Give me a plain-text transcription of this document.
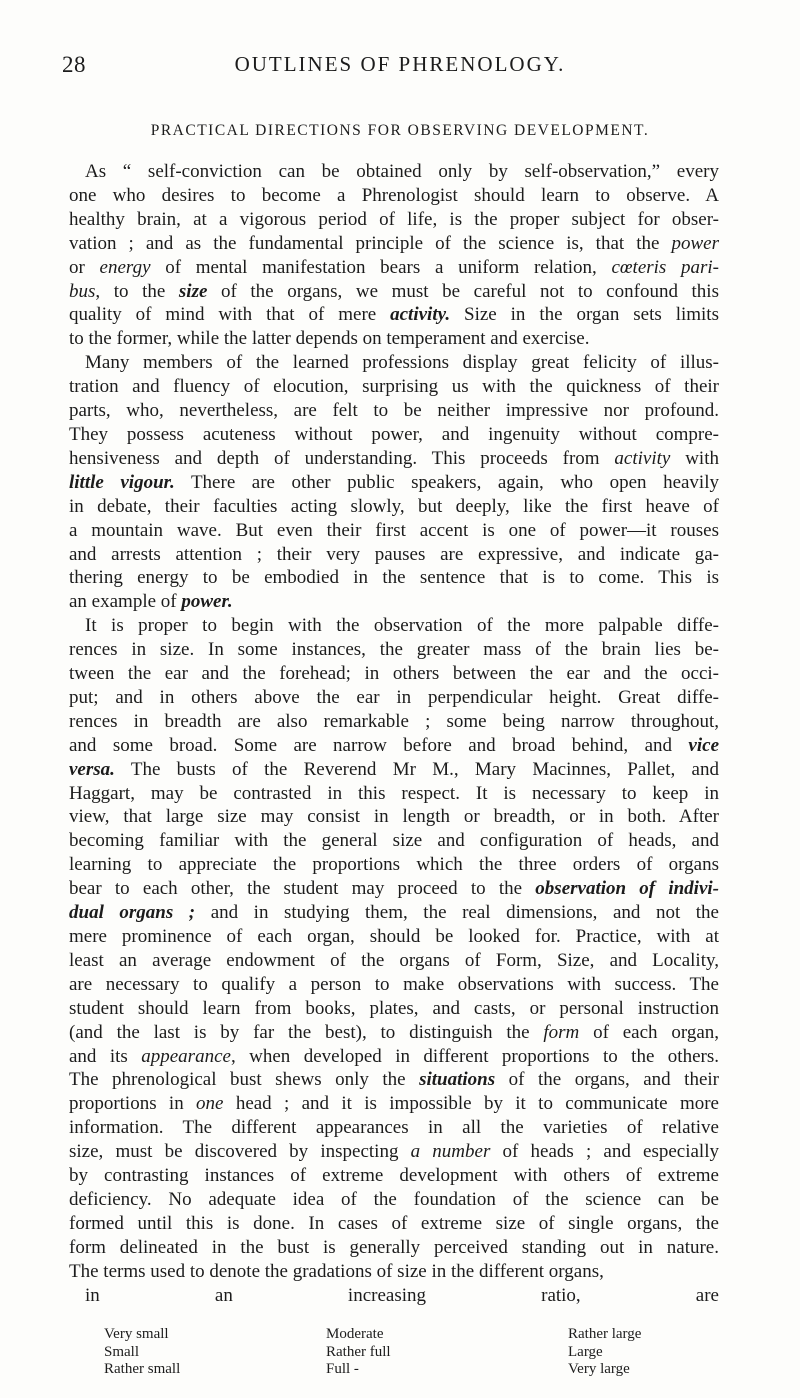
28	OUTLINES OF PHRENOLOGY.
PRACTICAL DIRECTIONS FOR OBSERVING DEVELOPMENT.
As “ self-conviction can be obtained only by self-observation,” every
one who desires to become a Phrenologist should learn to observe. A
healthy brain, at a vigorous period of life, is the proper subject for obser-
vation ; and as the fundamental principle of the science is, that the power
or energy of mental manifestation bears a uniform relation, cœteris pari-
bus, to the size of the organs, we must be careful not to confound this
quality of mind with that of mere activity. Size in the organ sets limits
to the former, while the latter depends on temperament and exercise.
Many members of the learned professions display great felicity of illus-
tration and fluency of elocution, surprising us with the quickness of their
parts, who, nevertheless, are felt to be neither impressive nor profound.
They possess acuteness without power, and ingenuity without compre-
hensiveness and depth of understanding. This proceeds from activity with
little vigour. There are other public speakers, again, who open heavily
in debate, their faculties acting slowly, but deeply, like the first heave of
a mountain wave. But even their first accent is one of power—it rouses
and arrests attention ; their very pauses are expressive, and indicate ga-
thering energy to be embodied in the sentence that is to come. This is
an example of power.
It is proper to begin with the observation of the more palpable diffe-
rences in size. In some instances, the greater mass of the brain lies be-
tween the ear and the forehead; in others between the ear and the occi-
put; and in others above the ear in perpendicular height. Great diffe-
rences in breadth are also remarkable ; some being narrow throughout,
and some broad. Some are narrow before and broad behind, and vice
versa. The busts of the Reverend Mr M., Mary Macinnes, Pallet, and
Haggart, may be contrasted in this respect. It is necessary to keep in
view, that large size may consist in length or breadth, or in both. After
becoming familiar with the general size and configuration of heads, and
learning to appreciate the proportions which the three orders of organs
bear to each other, the student may proceed to the observation of indivi-
dual organs ; and in studying them, the real dimensions, and not the
mere prominence of each organ, should be looked for. Practice, with at
least an average endowment of the organs of Form, Size, and Locality,
are necessary to qualify a person to make observations with success. The
student should learn from books, plates, and casts, or personal instruction
(and the last is by far the best), to distinguish the form of each organ,
and its appearance, when developed in different proportions to the others.
The phrenological bust shews only the situations of the organs, and their
proportions in one head ; and it is impossible by it to communicate more
information. The different appearances in all the varieties of relative
size, must be discovered by inspecting a number of heads ; and especially
by contrasting instances of extreme development with others of extreme
deficiency. No adequate idea of the foundation of the science can be
formed until this is done. In cases of extreme size of single organs, the
form delineated in the bust is generally perceived standing out in nature.
The terms used to denote the gradations of size in the different organs,
in an increasing ratio, are
Very small
Small
Rather small
Moderate
Rather full
Full -
Rather large
Large
Very large
